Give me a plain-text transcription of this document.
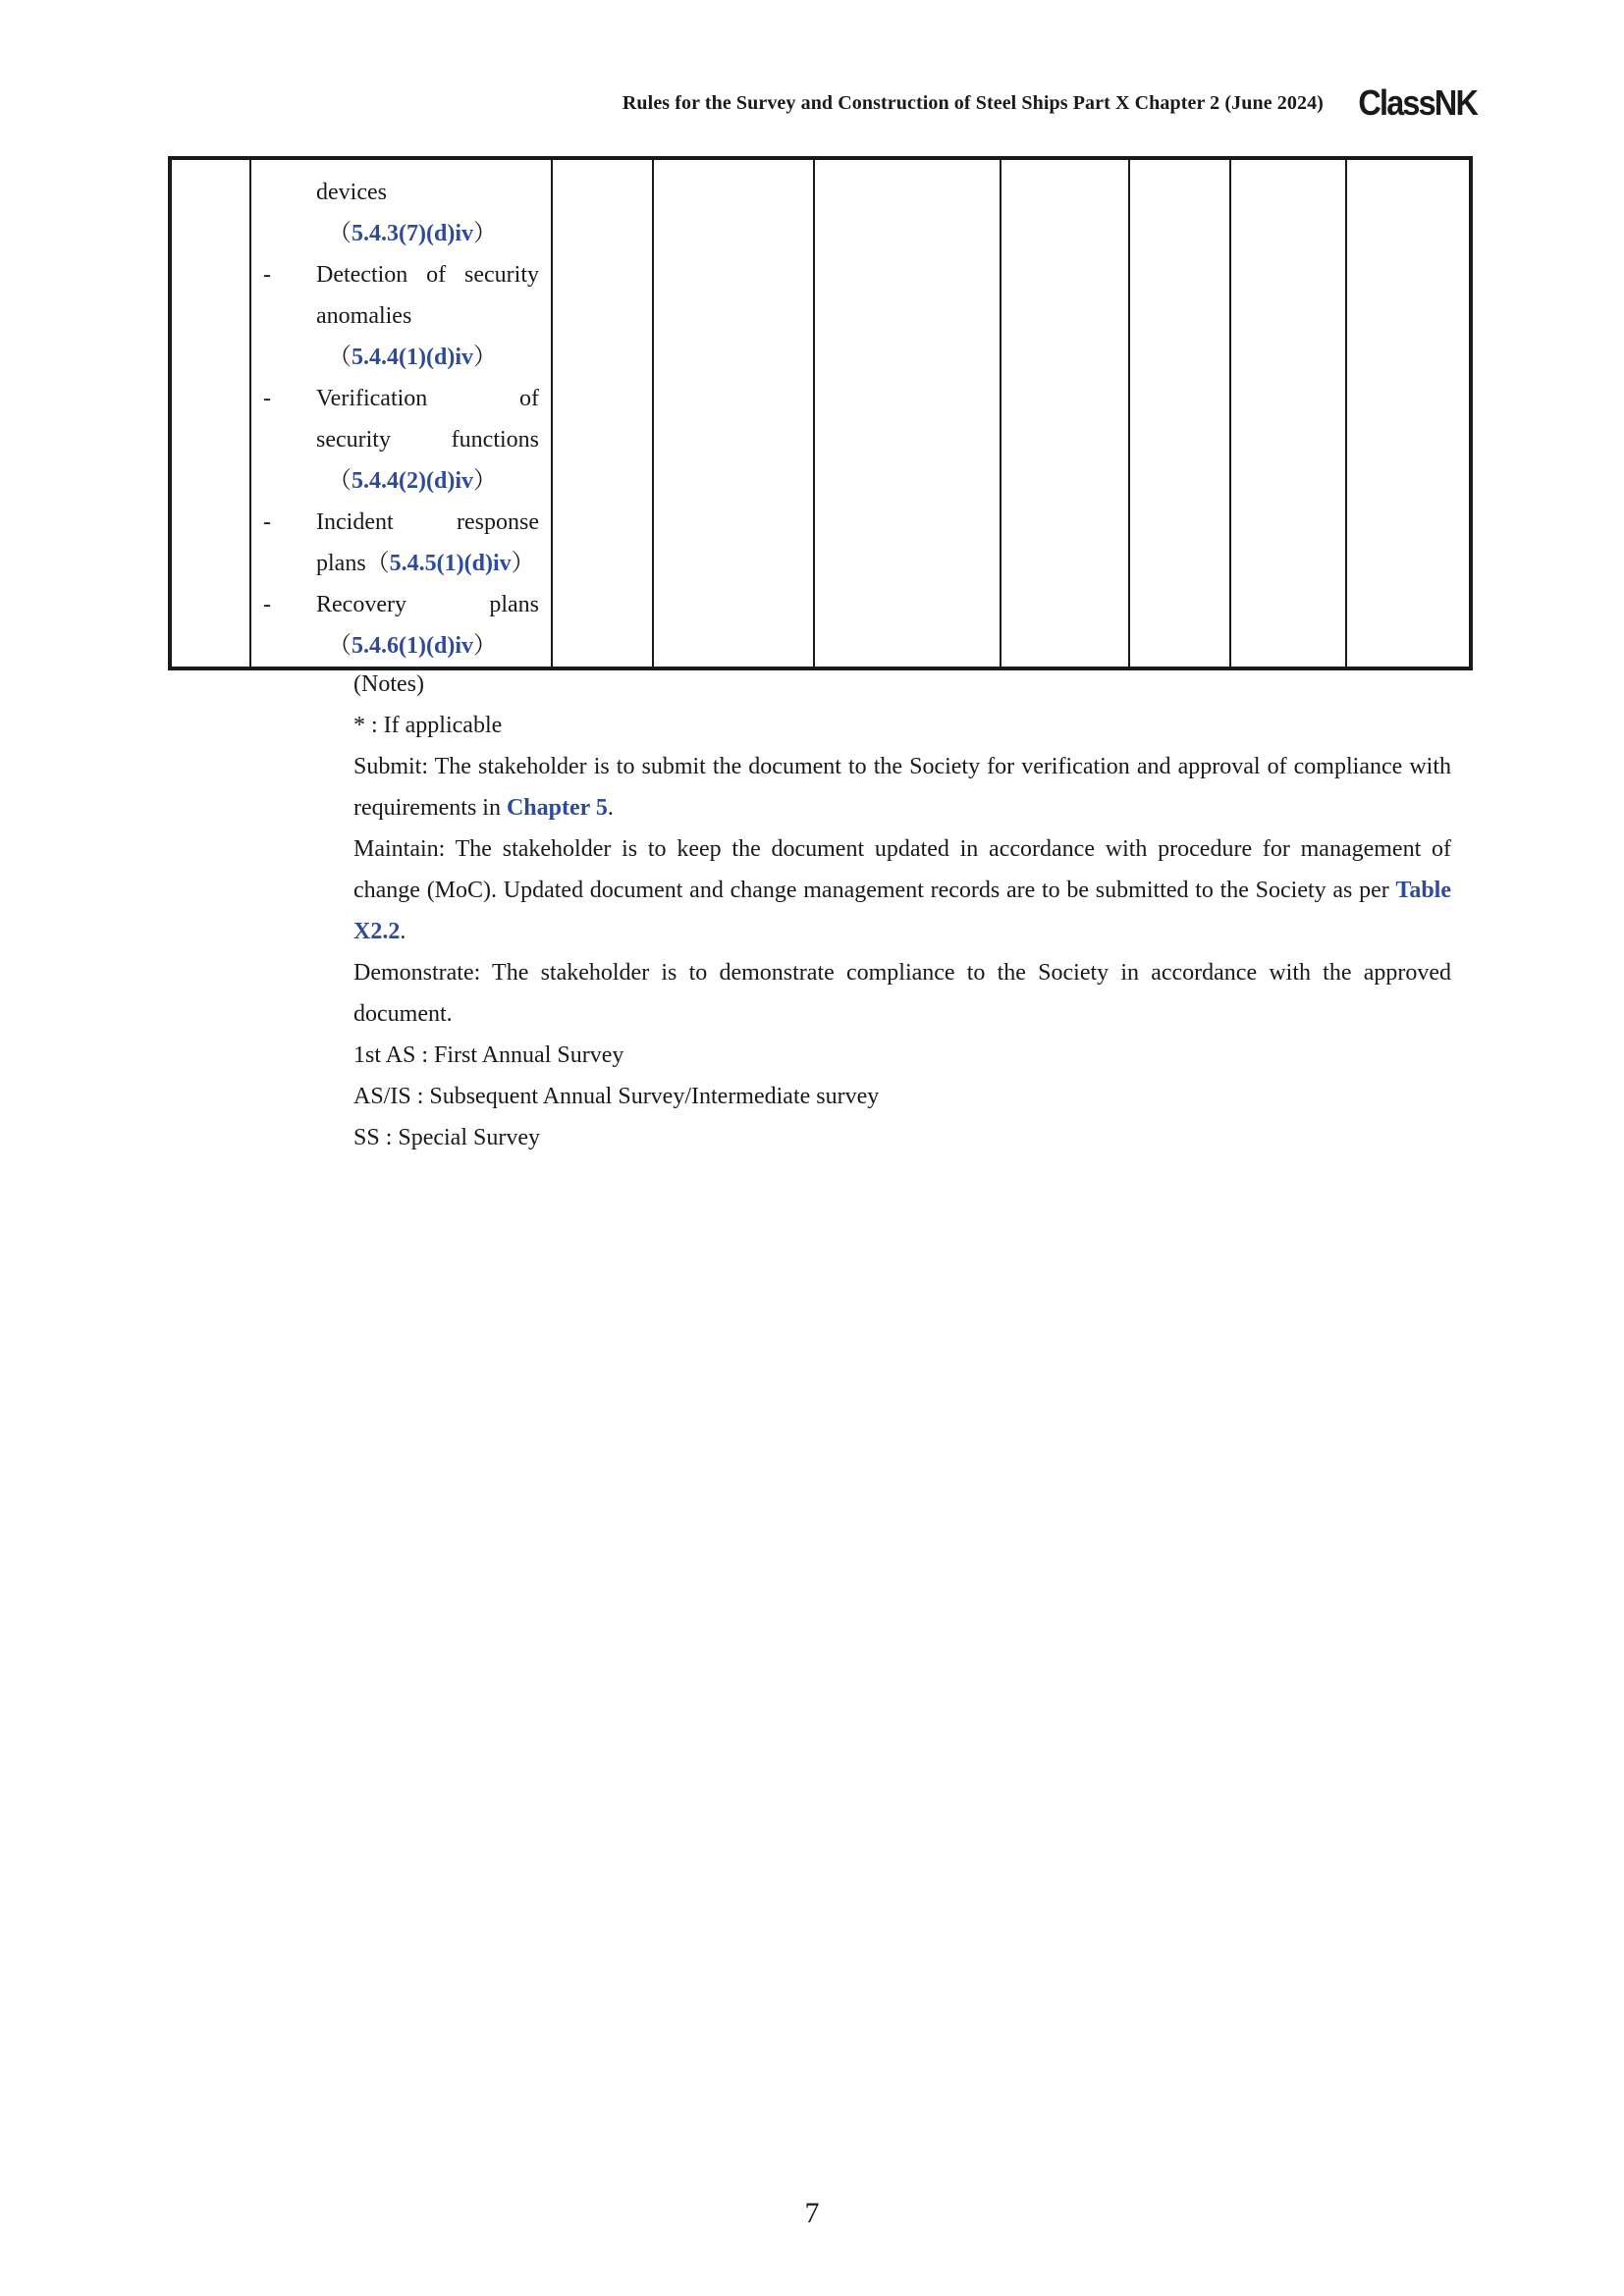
Rules for the Survey and Construction of Steel Ships Part X Chapter 2 (June 2024) ClassNK

devices
（5.4.3(7)(d)iv）
- Detection of security
anomalies
（5.4.4(1)(d)iv）
- Verification of
security functions
（5.4.4(2)(d)iv）
- Incident response
plans（5.4.5(1)(d)iv）
- Recovery plans
（5.4.6(1)(d)iv）

(Notes)

* : If applicable

Submit: The stakeholder is to submit the document to the Society for verification and approval of compliance with requirements in Chapter 5.

Maintain: The stakeholder is to keep the document updated in accordance with procedure for management of change (MoC). Updated document and change management records are to be submitted to the Society as per Table X2.2.

Demonstrate: The stakeholder is to demonstrate compliance to the Society in accordance with the approved document.

1st AS : First Annual Survey

AS/IS : Subsequent Annual Survey/Intermediate survey

SS : Special Survey

7
